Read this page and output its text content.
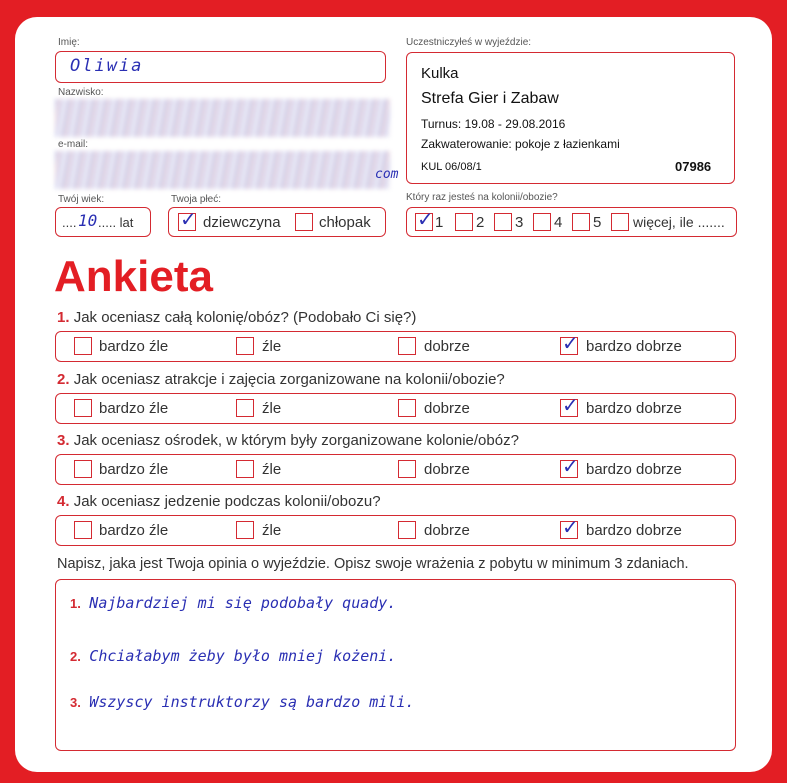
Imię:
Oliwia
Nazwisko:
e-mail:
com
Twój wiek:
.... 10 ..... lat
Twoja płeć:
✓ dziewczyna	chłopak
Uczestniczyłeś w wyjeździe:
Kulka
Strefa Gier i Zabaw
Turnus: 19.08 - 29.08.2016
Zakwaterowanie: pokoje z łazienkami
KUL 06/08/1	07986
Który raz jesteś na kolonii/obozie?
✓ 1 2 3 4 5 więcej, ile .......
Ankieta
1. Jak oceniasz całą kolonię/obóz? (Podobało Ci się?)
bardzo źle	źle	dobrze	✓ bardzo dobrze
2. Jak oceniasz atrakcje i zajęcia zorganizowane na kolonii/obozie?
bardzo źle	źle	dobrze	✓ bardzo dobrze
3. Jak oceniasz ośrodek, w którym były zorganizowane kolonie/obóz?
bardzo źle	źle	dobrze	✓ bardzo dobrze
4. Jak oceniasz jedzenie podczas kolonii/obozu?
bardzo źle	źle	dobrze	✓ bardzo dobrze
Napisz, jaka jest Twoja opinia o wyjeździe. Opisz swoje wrażenia z pobytu w minimum 3 zdaniach.
1. Najbardziej mi się podobały quady.
2. Chciałabym żeby było mniej kożeni.
3. Wszyscy instruktorzy są bardzo mili.
